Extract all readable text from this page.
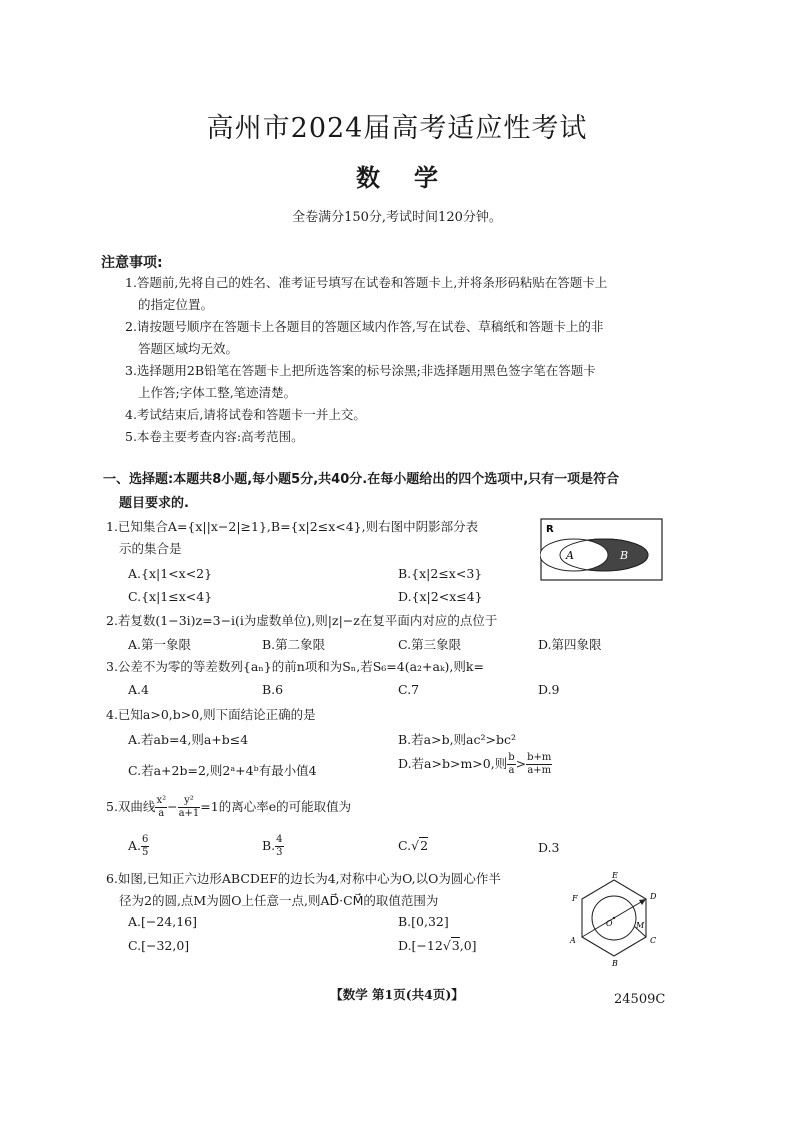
高州市2024届高考适应性考试
数学
全卷满分150分,考试时间120分钟。
注意事项:
1.答题前,先将自己的姓名、准考证号填写在试卷和答题卡上,并将条形码粘贴在答题卡上
的指定位置。
2.请按题号顺序在答题卡上各题目的答题区域内作答,写在试卷、草稿纸和答题卡上的非
答题区域均无效。
3.选择题用2B铅笔在答题卡上把所选答案的标号涂黑;非选择题用黑色签字笔在答题卡
上作答;字体工整,笔迹清楚。
4.考试结束后,请将试卷和答题卡一并上交。
5.本卷主要考查内容:高考范围。
一、选择题:本题共8小题,每小题5分,共40分.在每小题给出的四个选项中,只有一项是符合
题目要求的.
1.已知集合A={x||x−2|≥1},B={x|2≤x<4},则右图中阴影部分表
示的集合是
A.{x|1<x<2}	B.{x|2≤x<3}
C.{x|1≤x<4}	D.{x|2<x≤4}
R
A	B
2.若复数(1−3i)z=3−i(i为虚数单位),则|z|−z在复平面内对应的点位于
A.第一象限	B.第二象限	C.第三象限	D.第四象限
3.公差不为零的等差数列{aₙ}的前n项和为Sₙ,若S₆=4(a₂+aₖ),则k=
A.4	B.6	C.7	D.9
4.已知a>0,b>0,则下面结论正确的是
A.若ab=4,则a+b≤4	B.若a>b,则ac²>bc²
C.若a+2b=2,则2ᵃ+4ᵇ有最小值4	D.若a>b>m>0,则 $\frac{b}{a} > \frac{b+m}{a+m}$
5.双曲线 $\frac{\text{x²}}{a} - \frac{\text{y²}}{a+1} =1$的离心率e的可能取值为
A. $\frac{6}{5}$	B. $\frac{4}{3}$	C.√2	D.3
6.如图,已知正六边形ABCDEF的边长为4,对称中心为O,以O为圆心作半
径为2的圆,点M为圆O上任意一点,则AD⃗·CM⃗的取值范围为
A.[−24,16]	B.[0,32]
C.[−32,0]	D.[−12√3,0]
E
D
F
A	C
B
O	M
【数学 第1页(共4页)】	24509C
